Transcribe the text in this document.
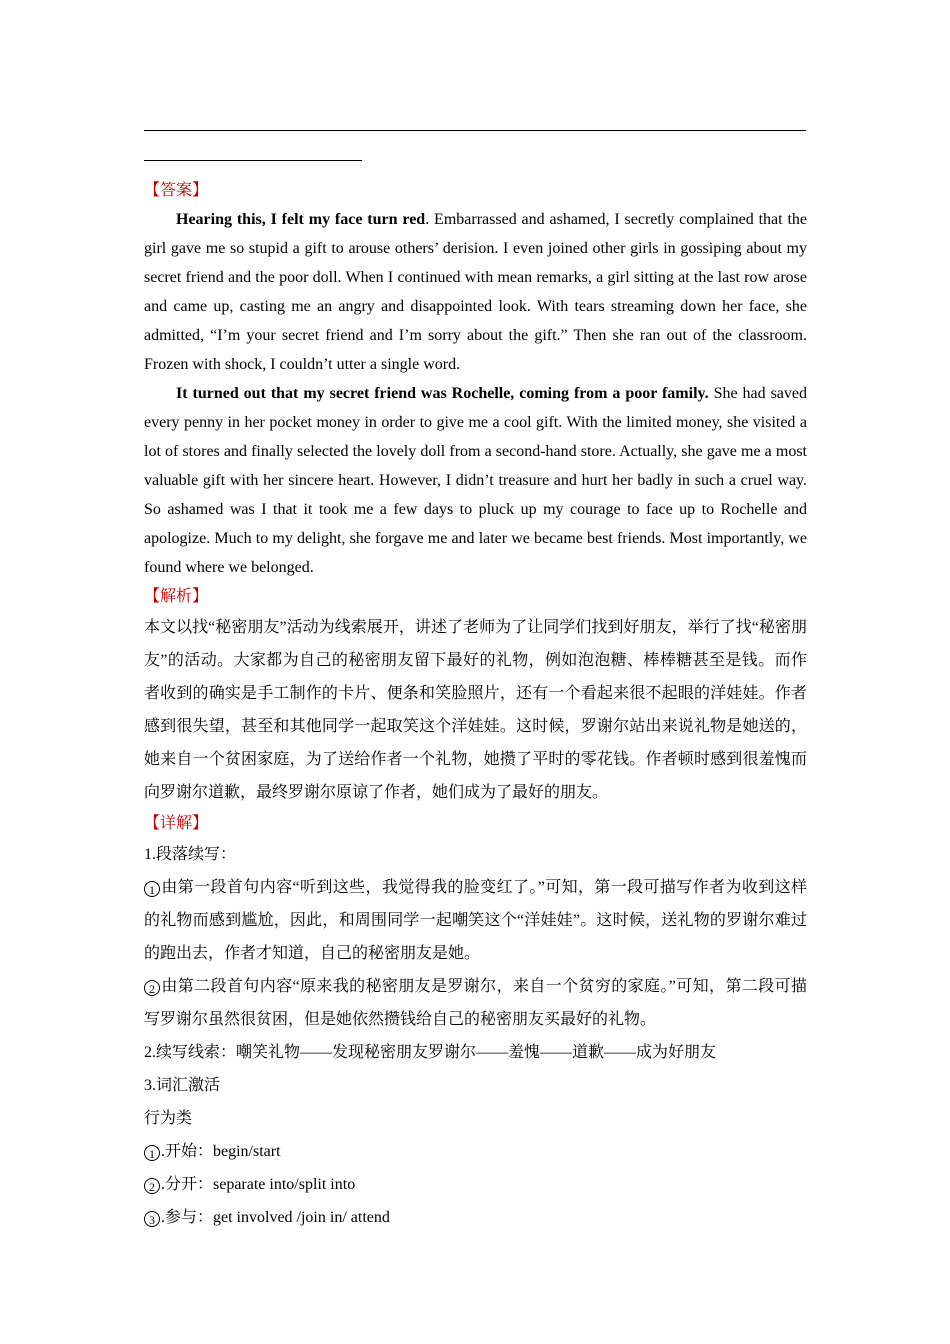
【答案】

Hearing this, I felt my face turn red. Embarrassed and ashamed, I secretly complained that the girl gave me so stupid a gift to arouse others’ derision. I even joined other girls in gossiping about my secret friend and the poor doll. When I continued with mean remarks, a girl sitting at the last row arose and came up, casting me an angry and disappointed look. With tears streaming down her face, she admitted, “I’m your secret friend and I’m sorry about the gift.” Then she ran out of the classroom. Frozen with shock, I couldn’t utter a single word.

It turned out that my secret friend was Rochelle, coming from a poor family. She had saved every penny in her pocket money in order to give me a cool gift. With the limited money, she visited a lot of stores and finally selected the lovely doll from a second-hand store. Actually, she gave me a most valuable gift with her sincere heart. However, I didn’t treasure and hurt her badly in such a cruel way. So ashamed was I that it took me a few days to pluck up my courage to face up to Rochelle and apologize. Much to my delight, she forgave me and later we became best friends. Most importantly, we found where we belonged.

【解析】

本文以找“秘密朋友”活动为线索展开，讲述了老师为了让同学们找到好朋友，举行了找“秘密朋友”的活动。大家都为自己的秘密朋友留下最好的礼物，例如泡泡糖、棒棒糖甚至是钱。而作者收到的确实是手工制作的卡片、便条和笑脸照片，还有一个看起来很不起眼的洋娃娃。作者感到很失望，甚至和其他同学一起取笑这个洋娃娃。这时候，罗谢尔站出来说礼物是她送的，她来自一个贫困家庭，为了送给作者一个礼物，她攒了平时的零花钱。作者顿时感到很羞愧而向罗谢尔道歉，最终罗谢尔原谅了作者，她们成为了最好的朋友。

【详解】

1.段落续写：

1 由第一段首句内容“听到这些，我觉得我的脸变红了。”可知，第一段可描写作者为收到这样的礼物而感到尴尬，因此，和周围同学一起嘲笑这个“洋娃娃”。这时候，送礼物的罗谢尔难过的跑出去，作者才知道，自己的秘密朋友是她。

2 由第二段首句内容“原来我的秘密朋友是罗谢尔，来自一个贫穷的家庭。”可知，第二段可描写罗谢尔虽然很贫困，但是她依然攒钱给自己的秘密朋友买最好的礼物。

2.续写线索：嘲笑礼物——发现秘密朋友罗谢尔——羞愧——道歉——成为好朋友

3.词汇激活

行为类

1 .开始：begin/start

2 .分开：separate into/split into

3 .参与：get involved /join in/ attend
